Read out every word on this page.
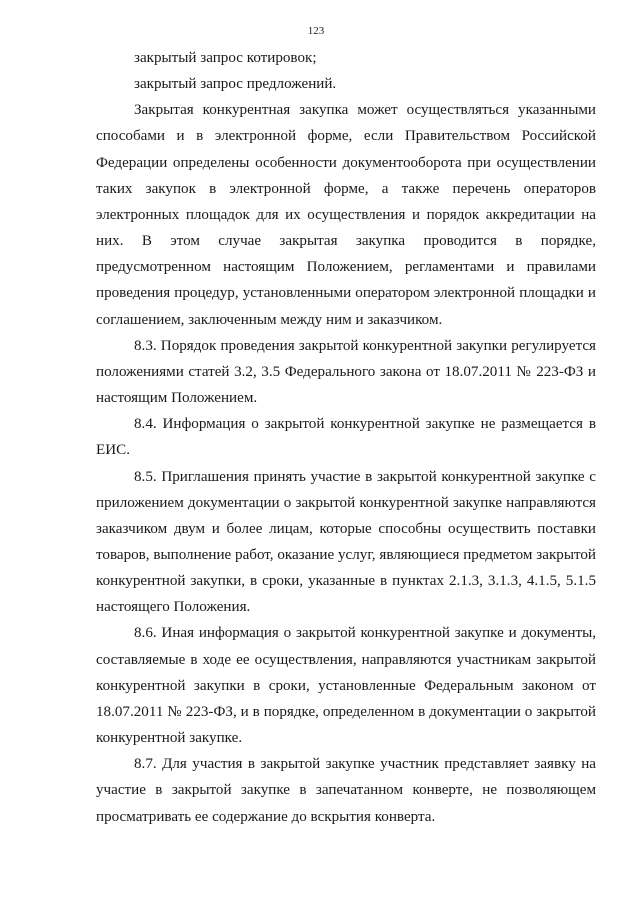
123

закрытый запрос котировок;

закрытый запрос предложений.

Закрытая конкурентная закупка может осуществляться указанными способами и в электронной форме, если Правительством Российской Федерации определены особенности документооборота при осуществлении таких закупок в электронной форме, а также перечень операторов электронных площадок для их осуществления и порядок аккредитации на них. В этом случае закрытая закупка проводится в порядке, предусмотренном настоящим Положением, регламентами и правилами проведения процедур, установленными оператором электронной площадки и соглашением, заключенным между ним и заказчиком.

8.3. Порядок проведения закрытой конкурентной закупки регулируется положениями статей 3.2, 3.5 Федерального закона от 18.07.2011 № 223-ФЗ и настоящим Положением.

8.4. Информация о закрытой конкурентной закупке не размещается в ЕИС.

8.5. Приглашения принять участие в закрытой конкурентной закупке с приложением документации о закрытой конкурентной закупке направляются заказчиком двум и более лицам, которые способны осуществить поставки товаров, выполнение работ, оказание услуг, являющиеся предметом закрытой конкурентной закупки, в сроки, указанные в пунктах 2.1.3, 3.1.3, 4.1.5, 5.1.5 настоящего Положения.

8.6. Иная информация о закрытой конкурентной закупке и документы, составляемые в ходе ее осуществления, направляются участникам закрытой конкурентной закупки в сроки, установленные Федеральным законом от 18.07.2011 № 223-ФЗ, и в порядке, определенном в документации о закрытой конкурентной закупке.

8.7. Для участия в закрытой закупке участник представляет заявку на участие в закрытой закупке в запечатанном конверте, не позволяющем просматривать ее содержание до вскрытия конверта.
